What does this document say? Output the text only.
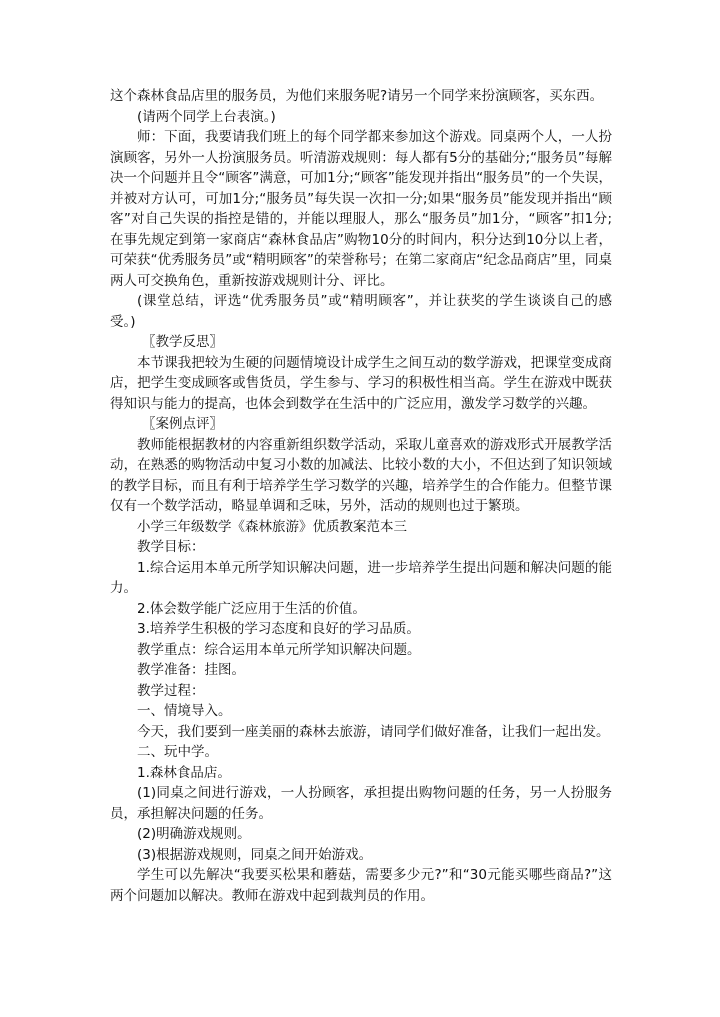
这个森林食品店里的服务员，为他们来服务呢?请另一个同学来扮演顾客，买东西。

(请两个同学上台表演。)

师：下面，我要请我们班上的每个同学都来参加这个游戏。同桌两个人，一人扮演顾客，另外一人扮演服务员。听清游戏规则：每人都有5分的基础分;“服务员”每解决一个问题并且令“顾客”满意，可加1分;“顾客”能发现并指出“服务员”的一个失误，并被对方认可，可加1分;“服务员”每失误一次扣一分;如果“服务员”能发现并指出“顾客”对自己失误的指控是错的，并能以理服人，那么“服务员”加1分，“顾客”扣1分;在事先规定到第一家商店“森林食品店”购物10分的时间内，积分达到10分以上者，可荣获“优秀服务员”或“精明顾客”的荣誉称号；在第二家商店“纪念品商店”里，同桌两人可交换角色，重新按游戏规则计分、评比。

(课堂总结，评选“优秀服务员”或“精明顾客”，并让获奖的学生谈谈自己的感受。)

〖教学反思〗

本节课我把较为生硬的问题情境设计成学生之间互动的数学游戏，把课堂变成商店，把学生变成顾客或售货员，学生参与、学习的积极性相当高。学生在游戏中既获得知识与能力的提高，也体会到数学在生活中的广泛应用，激发学习数学的兴趣。

〖案例点评〗

教师能根据教材的内容重新组织数学活动，采取儿童喜欢的游戏形式开展教学活动，在熟悉的购物活动中复习小数的加减法、比较小数的大小，不但达到了知识领域的教学目标，而且有利于培养学生学习数学的兴趣，培养学生的合作能力。但整节课仅有一个数学活动，略显单调和乏味，另外，活动的规则也过于繁琐。

小学三年级数学《森林旅游》优质教案范本三

教学目标：

1.综合运用本单元所学知识解决问题，进一步培养学生提出问题和解决问题的能力。

2.体会数学能广泛应用于生活的价值。

3.培养学生积极的学习态度和良好的学习品质。

教学重点：综合运用本单元所学知识解决问题。

教学准备：挂图。

教学过程：

一、情境导入。

今天，我们要到一座美丽的森林去旅游，请同学们做好准备，让我们一起出发。

二、玩中学。

1.森林食品店。

(1)同桌之间进行游戏，一人扮顾客，承担提出购物问题的任务，另一人扮服务员，承担解决问题的任务。

(2)明确游戏规则。

(3)根据游戏规则，同桌之间开始游戏。

学生可以先解决“我要买松果和蘑菇，需要多少元?”和“30元能买哪些商品?”这两个问题加以解决。教师在游戏中起到裁判员的作用。
